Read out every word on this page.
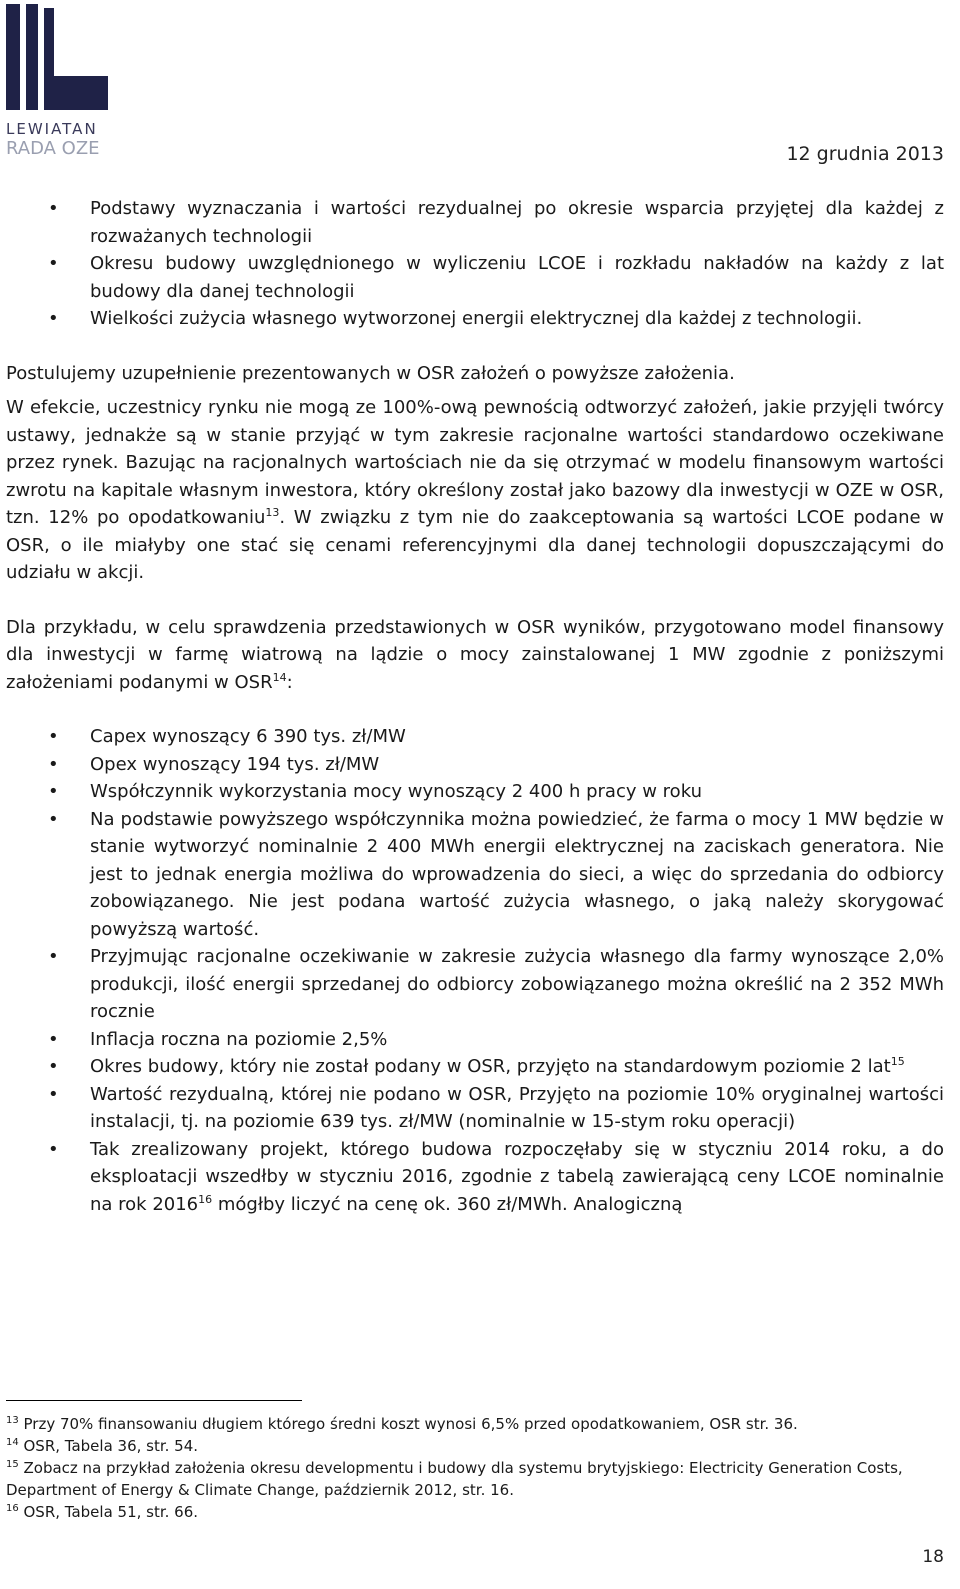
LEWIATAN
RADA OZE	12 grudnia 2013
• Podstawy wyznaczania i wartości rezydualnej po okresie wsparcia przyjętej dla każdej z rozważanych technologii
• Okresu budowy uwzględnionego w wyliczeniu LCOE i rozkładu nakładów na każdy z lat budowy dla danej technologii
• Wielkości zużycia własnego wytworzonej energii elektrycznej dla każdej z technologii.

Postulujemy uzupełnienie prezentowanych w OSR założeń o powyższe założenia.

W efekcie, uczestnicy rynku nie mogą ze 100%-ową pewnością odtworzyć założeń, jakie przyjęli twórcy ustawy, jednakże są w stanie przyjąć w tym zakresie racjonalne wartości standardowo oczekiwane przez rynek. Bazując na racjonalnych wartościach nie da się otrzymać w modelu finansowym wartości zwrotu na kapitale własnym inwestora, który określony został jako bazowy dla inwestycji w OZE w OSR, tzn. 12% po opodatkowaniu$^{13}$. W związku z tym nie do zaakceptowania są wartości LCOE podane w OSR, o ile miałyby one stać się cenami referencyjnymi dla danej technologii dopuszczającymi do udziału w akcji.

Dla przykładu, w celu sprawdzenia przedstawionych w OSR wyników, przygotowano model finansowy dla inwestycji w farmę wiatrową na lądzie o mocy zainstalowanej 1 MW zgodnie z poniższymi założeniami podanymi w OSR$^{14}$:

• Capex wynoszący 6 390 tys. zł/MW
• Opex wynoszący 194 tys. zł/MW
• Współczynnik wykorzystania mocy wynoszący 2 400 h pracy w roku
• Na podstawie powyższego współczynnika można powiedzieć, że farma o mocy 1 MW będzie w stanie wytworzyć nominalnie 2 400 MWh energii elektrycznej na zaciskach generatora. Nie jest to jednak energia możliwa do wprowadzenia do sieci, a więc do sprzedania do odbiorcy zobowiązanego. Nie jest podana wartość zużycia własnego, o jaką należy skorygować powyższą wartość.
• Przyjmując racjonalne oczekiwanie w zakresie zużycia własnego dla farmy wynoszące 2,0% produkcji, ilość energii sprzedanej do odbiorcy zobowiązanego można określić na 2 352 MWh rocznie
• Inflacja roczna na poziomie 2,5%
• Okres budowy, który nie został podany w OSR, przyjęto na standardowym poziomie 2 lat$^{15}$
• Wartość rezydualną, której nie podano w OSR, Przyjęto na poziomie 10% oryginalnej wartości instalacji, tj. na poziomie 639 tys. zł/MW (nominalnie w 15-stym roku operacji)
• Tak zrealizowany projekt, którego budowa rozpoczęłaby się w styczniu 2014 roku, a do eksploatacji wszedłby w styczniu 2016, zgodnie z tabelą zawierającą ceny LCOE nominalnie na rok 2016$^{16}$ mógłby liczyć na cenę ok. 360 zł/MWh. Analogiczną

$^{13}$ Przy 70% finansowaniu długiem którego średni koszt wynosi 6,5% przed opodatkowaniem, OSR str. 36.

$^{14}$ OSR, Tabela 36, str. 54.

$^{15}$ Zobacz na przykład założenia okresu developmentu i budowy dla systemu brytyjskiego: Electricity Generation Costs, Department of Energy & Climate Change, październik 2012, str. 16.

$^{16}$ OSR, Tabela 51, str. 66.

18
